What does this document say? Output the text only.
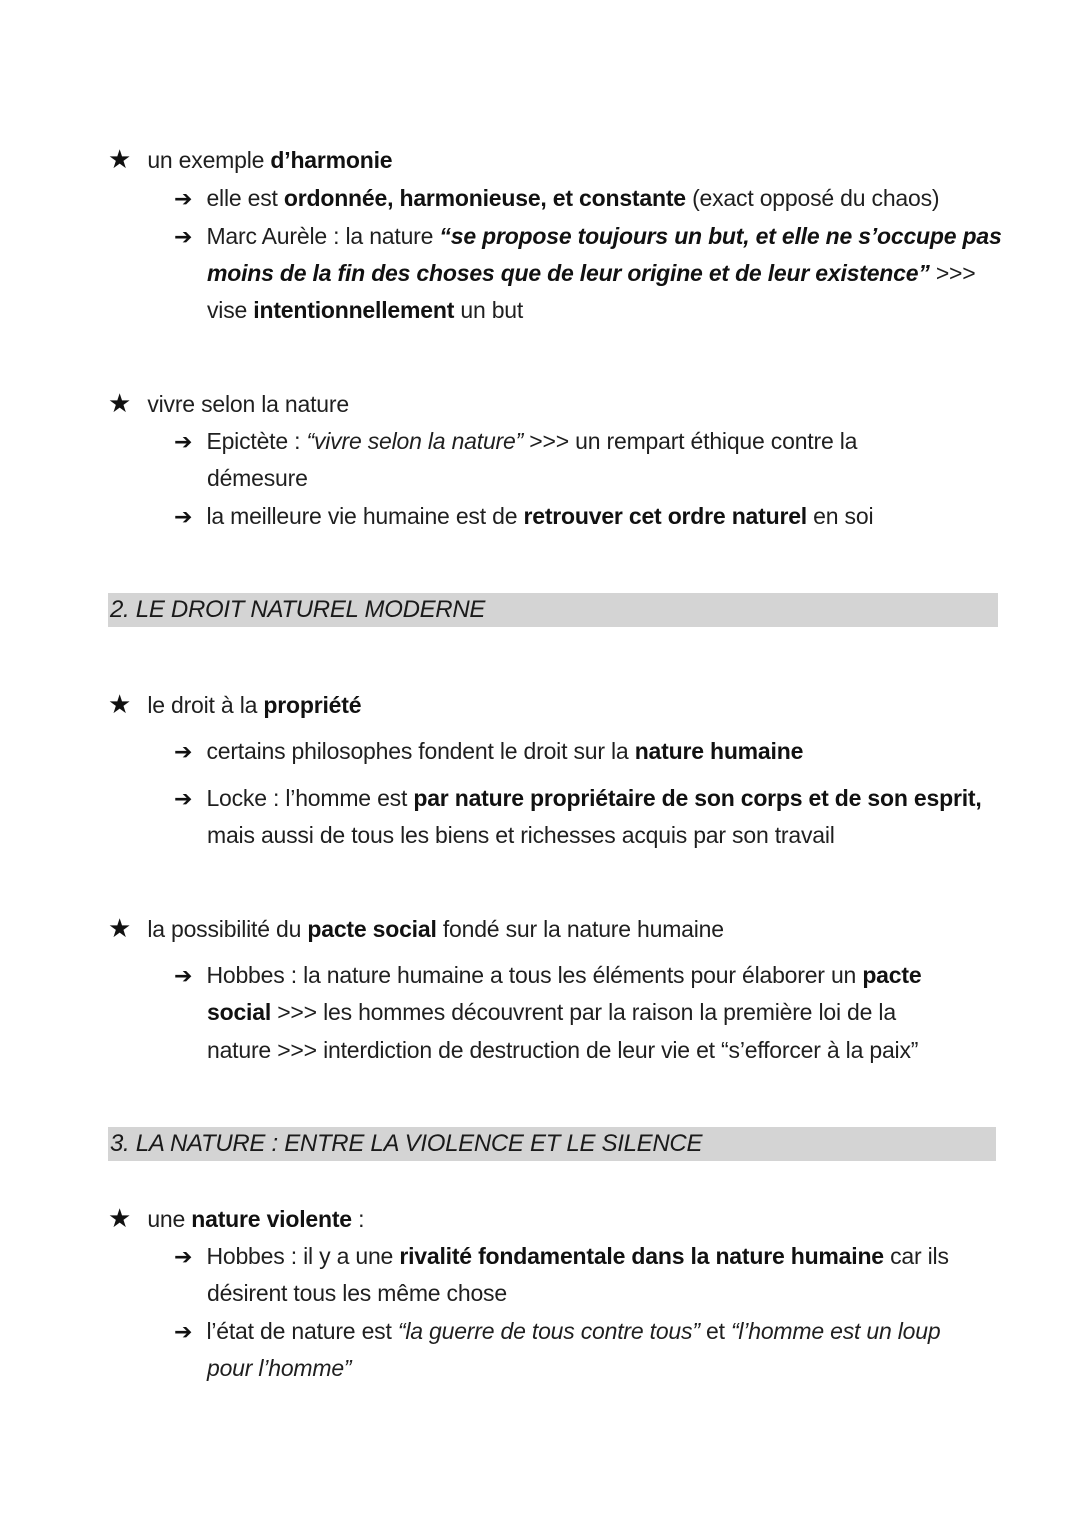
★ un exemple d’harmonie
➔ elle est ordonnée, harmonieuse, et constante (exact opposé du chaos)
➔ Marc Aurèle : la nature “se propose toujours un but, et elle ne s’occupe pas
moins de la fin des choses que de leur origine et de leur existence” >>>
vise intentionnellement un but
★ vivre selon la nature
➔ Epictète : “vivre selon la nature” >>> un rempart éthique contre la
démesure
➔ la meilleure vie humaine est de retrouver cet ordre naturel en soi
2. LE DROIT NATUREL MODERNE
★ le droit à la propriété
➔ certains philosophes fondent le droit sur la nature humaine
➔ Locke : l’homme est par nature propriétaire de son corps et de son esprit,
mais aussi de tous les biens et richesses acquis par son travail
★ la possibilité du pacte social fondé sur la nature humaine
➔ Hobbes : la nature humaine a tous les éléments pour élaborer un pacte
social >>> les hommes découvrent par la raison la première loi de la
nature >>> interdiction de destruction de leur vie et “s’efforcer à la paix”
3. LA NATURE : ENTRE LA VIOLENCE ET LE SILENCE
★ une nature violente :
➔ Hobbes : il y a une rivalité fondamentale dans la nature humaine car ils
désirent tous les même chose
➔ l’état de nature est “la guerre de tous contre tous” et “l’homme est un loup
pour l’homme”
